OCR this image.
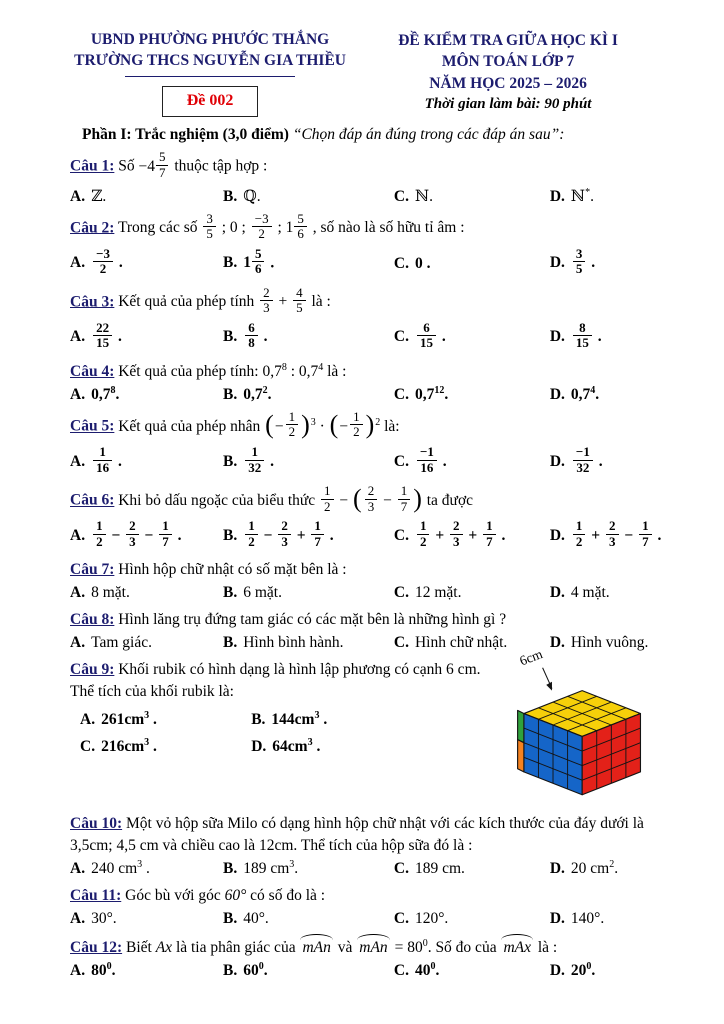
UBND PHƯỜNG PHƯỚC THẮNG
TRƯỜNG THCS NGUYỄN GIA THIỀU
Đề 002
ĐỀ KIỂM TRA GIỮA HỌC KÌ I
MÔN TOÁN LỚP 7
NĂM HỌC 2025 – 2026
Thời gian làm bài: 90 phút
Phần I: Trắc nghiệm (3,0 điểm) “Chọn đáp án đúng trong các đáp án sau”:
Câu 1: Số $-4 \frac{5}{7}$ thuộc tập hợp :
A. ℤ.	B. ℚ.	C. ℕ.	D. ℕ*.
Câu 2: Trong các số $\frac{3}{5}$ ; 0 ; $\frac{-3}{2}$ ; $1 \frac{5}{6}$ , số nào là số hữu tỉ âm :
A. $\frac{-3}{2}$ .	B. $1 \frac{5}{6}$ .	C. 0 .	D. $\frac{3}{5}$ .
Câu 3: Kết quả của phép tính $\frac{2}{3} + \frac{4}{5}$ là :
A. $\frac{22}{15}$ .	B. $\frac{6}{8}$ .	C. $\frac{6}{15}$ .	D. $\frac{8}{15}$ .
Câu 4: Kết quả của phép tính: $0,7^8$ : $0,7^4$ là :
A. $0,7^8$.	B. $0,7^2$.	C. $0,7^{12}$.	D. $0,7^4$.
Câu 5: Kết quả của phép nhân (− $\frac{1}{2} )^3$ · (− $\frac{1}{2} )^2$ là:
A. $\frac{1}{16}$ .	B. $\frac{1}{32}$ .	C. $\frac{-1}{16}$ .	D. $\frac{-1}{32}$ .
Câu 6: Khi bỏ dấu ngoặc của biểu thức $\frac{1}{2}$ − ( $\frac{2}{3} - \frac{1}{7}$ ) ta được
A. $\frac{1}{2} - \frac{2}{3} - \frac{1}{7}$ .	B. $\frac{1}{2} - \frac{2}{3} + \frac{1}{7}$ .	C. $\frac{1}{2} + \frac{2}{3} + \frac{1}{7}$ .	D. $\frac{1}{2} + \frac{2}{3} - \frac{1}{7}$ .
Câu 7: Hình hộp chữ nhật có số mặt bên là :
A. 8 mặt.	B. 6 mặt.	C. 12 mặt.	D. 4 mặt.
Câu 8: Hình lăng trụ đứng tam giác có các mặt bên là những hình gì ?
A. Tam giác.	B. Hình bình hành.	C. Hình chữ nhật.	D. Hình vuông.
Câu 9: Khối rubik có hình dạng là hình lập phương có cạnh 6 cm.
Thể tích của khối rubik là:
A. $261cm^3$ .	B. $144cm^3$ .
C. $216cm^3$ .	D. $64cm^3$ .
6cm
Câu 10: Một vỏ hộp sữa Milo có dạng hình hộp chữ nhật với các kích thước của đáy dưới là 3,5cm; 4,5 cm và chiều cao là 12cm. Thể tích của hộp sữa đó là :
A. 240 $cm^3$ .	B. 189 $cm^3$.	C. 189 cm.	D. 20 $cm^2$.
Câu 11: Góc bù với góc 60° có số đo là :
A. 30°.	B. 40°.	C. 120°.	D. 140°.
Câu 12: Biết Ax là tia phân giác của mAn và mAn = $80^0$. Số đo của mAx là :
A. $80^0$.	B. $60^0$.	C. $40^0$.	D. $20^0$.
